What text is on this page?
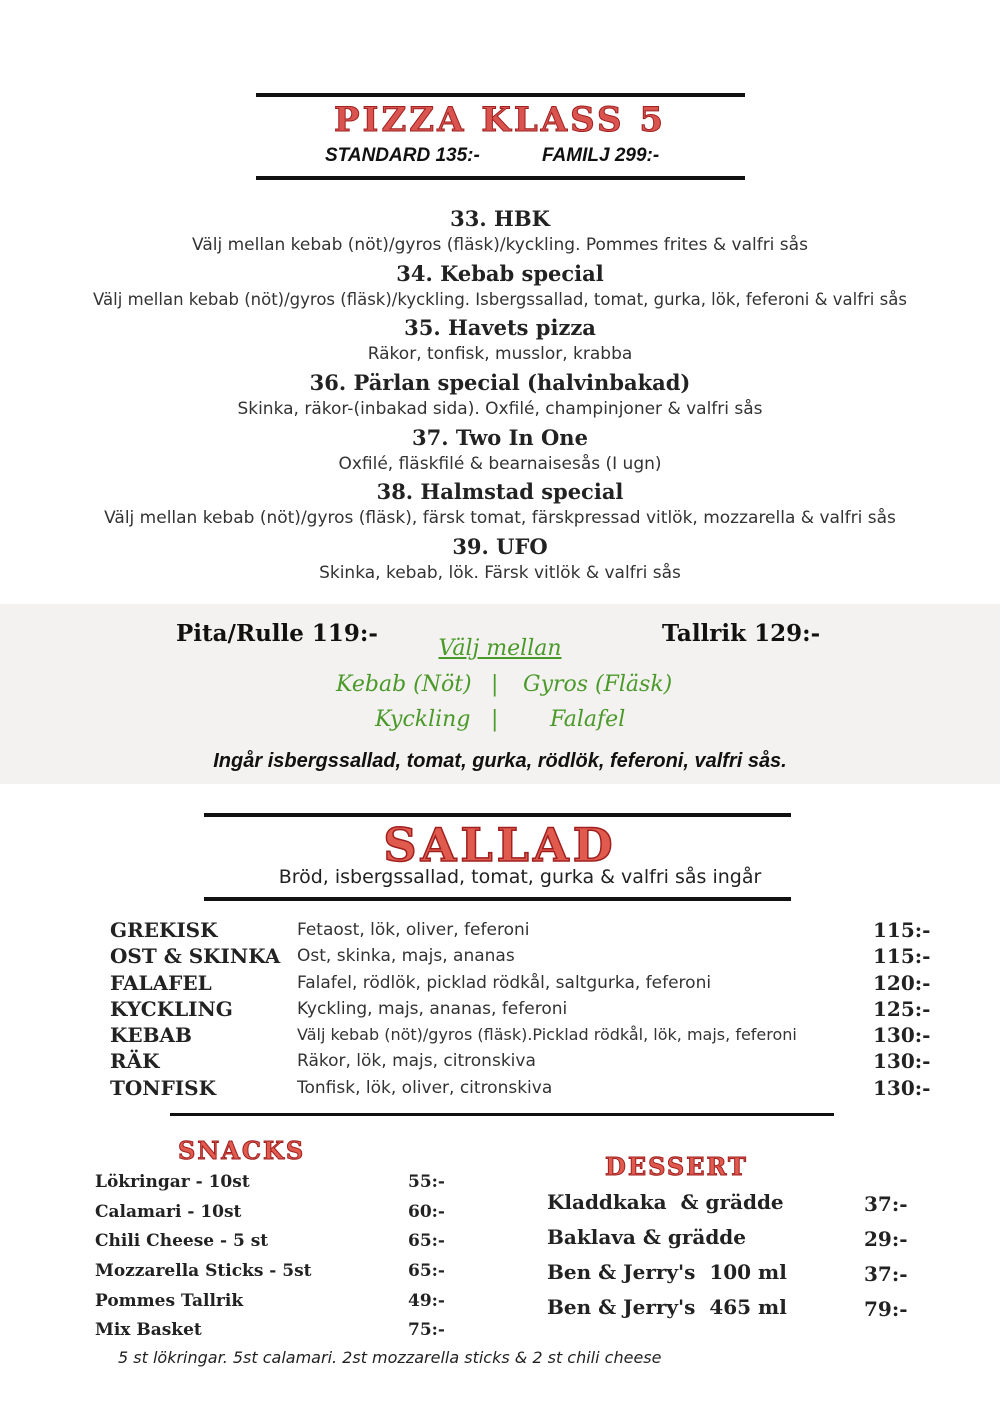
PIZZA KLASS 5
STANDARD 135:-	FAMILJ 299:-
33. HBK
Välj mellan kebab (nöt)/gyros (fläsk)/kyckling. Pommes frites & valfri sås
34. Kebab special
Välj mellan kebab (nöt)/gyros (fläsk)/kyckling. Isbergssallad, tomat, gurka, lök, feferoni & valfri sås
35. Havets pizza
Räkor, tonfisk, musslor, krabba
36. Pärlan special (halvinbakad)
Skinka, räkor-(inbakad sida). Oxfilé, champinjoner & valfri sås
37. Two In One
Oxfilé, fläskfilé & bearnaisesås (I ugn)
38. Halmstad special
Välj mellan kebab (nöt)/gyros (fläsk), färsk tomat, färskpressad vitlök, mozzarella & valfri sås
39. UFO
Skinka, kebab, lök. Färsk vitlök & valfri sås
Pita/Rulle 119:-	Tallrik 129:-
Välj mellan
Kebab (Nöt) | Gyros (Fläsk)
Kyckling | Falafel
Ingår isbergssallad, tomat, gurka, rödlök, feferoni, valfri sås.
SALLAD
Bröd, isbergssallad, tomat, gurka & valfri sås ingår
GREKISK	Fetaost, lök, oliver, feferoni	115:-
OST & SKINKA Ost, skinka, majs, ananas	115:-
FALAFEL	Falafel, rödlök, picklad rödkål, saltgurka, feferoni	120:-
KYCKLING	Kyckling, majs, ananas, feferoni	125:-
KEBAB	Välj kebab (nöt)/gyros (fläsk).Picklad rödkål, lök, majs, feferoni	130:-
RÄK	Räkor, lök, majs, citronskiva	130:-
TONFISK	Tonfisk, lök, oliver, citronskiva	130:-
SNACKS
Lökringar - 10st	55:-
Calamari - 10st	60:-
Chili Cheese - 5 st	65:-
Mozzarella Sticks - 5st	65:-
Pommes Tallrik	49:-
Mix Basket	75:-
5 st lökringar. 5st calamari. 2st mozzarella sticks & 2 st chili cheese
DESSERT
Kladdkaka  & grädde	37:-
Baklava & grädde	29:-
Ben & Jerry's  100 ml	37:-
Ben & Jerry's  465 ml	79:-
